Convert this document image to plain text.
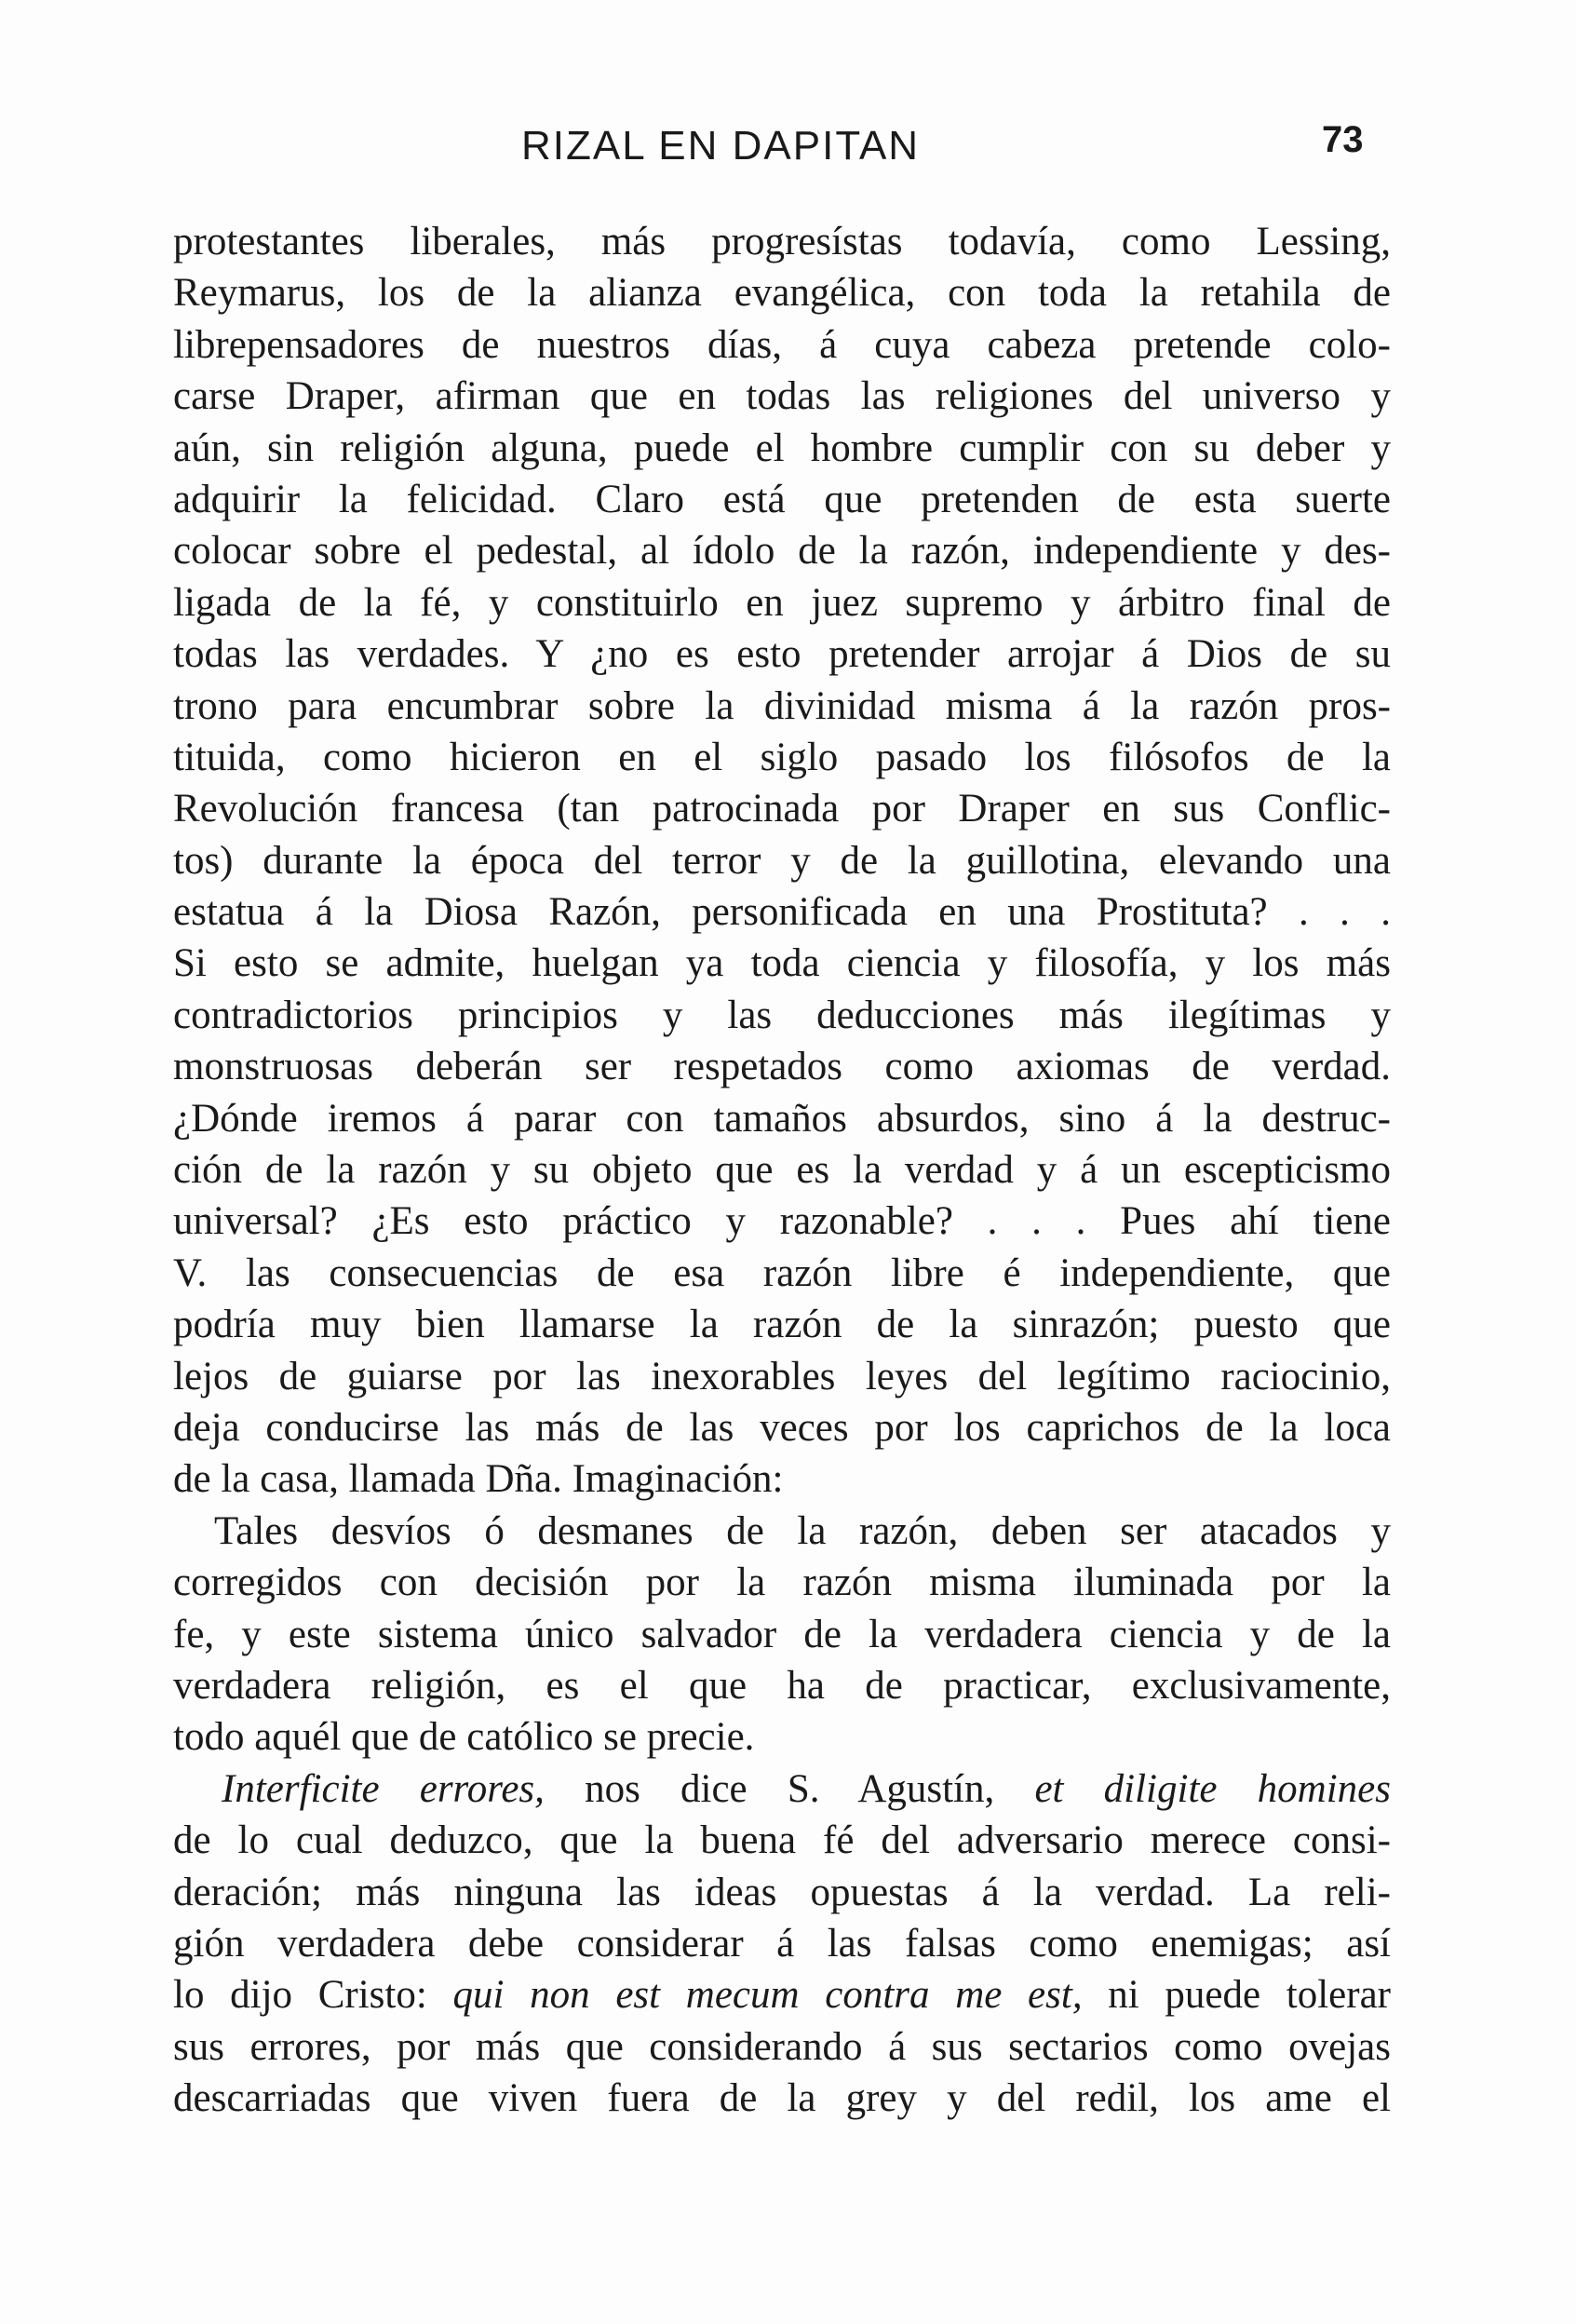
RIZAL EN DAPITAN	73
protestantes liberales, más progresístas todavía, como Lessing,
Reymarus, los de la alianza evangélica, con toda la retahila de
librepensadores de nuestros días, á cuya cabeza pretende colo-
carse Draper, afirman que en todas las religiones del universo y
aún, sin religión alguna, puede el hombre cumplir con su deber y
adquirir la felicidad. Claro está que pretenden de esta suerte
colocar sobre el pedestal, al ídolo de la razón, independiente y des-
ligada de la fé, y constituirlo en juez supremo y árbitro final de
todas las verdades. Y ¿no es esto pretender arrojar á Dios de su
trono para encumbrar sobre la divinidad misma á la razón pros-
tituida, como hicieron en el siglo pasado los filósofos de la
Revolución francesa (tan patrocinada por Draper en sus Conflic-
tos) durante la época del terror y de la guillotina, elevando una
estatua á la Diosa Razón, personificada en una Prostituta? . . .
Si esto se admite, huelgan ya toda ciencia y filosofía, y los más
contradictorios principios y las deducciones más ilegítimas y
monstruosas deberán ser respetados como axiomas de verdad.
¿Dónde iremos á parar con tamaños absurdos, sino á la destruc-
ción de la razón y su objeto que es la verdad y á un escepticismo
universal? ¿Es esto práctico y razonable? . . . Pues ahí tiene
V. las consecuencias de esa razón libre é independiente, que
podría muy bien llamarse la razón de la sinrazón; puesto que
lejos de guiarse por las inexorables leyes del legítimo raciocinio,
deja conducirse las más de las veces por los caprichos de la loca
de la casa, llamada Dña. Imaginación:
Tales desvíos ó desmanes de la razón, deben ser atacados y
corregidos con decisión por la razón misma iluminada por la
fe, y este sistema único salvador de la verdadera ciencia y de la
verdadera religión, es el que ha de practicar, exclusivamente,
todo aquél que de católico se precie.
Interficite errores, nos dice S. Agustín, et diligite homines
de lo cual deduzco, que la buena fé del adversario merece consi-
deración; más ninguna las ideas opuestas á la verdad. La reli-
gión verdadera debe considerar á las falsas como enemigas; así
lo dijo Cristo: qui non est mecum contra me est, ni puede tolerar
sus errores, por más que considerando á sus sectarios como ovejas
descarriadas que viven fuera de la grey y del redil, los ame el
